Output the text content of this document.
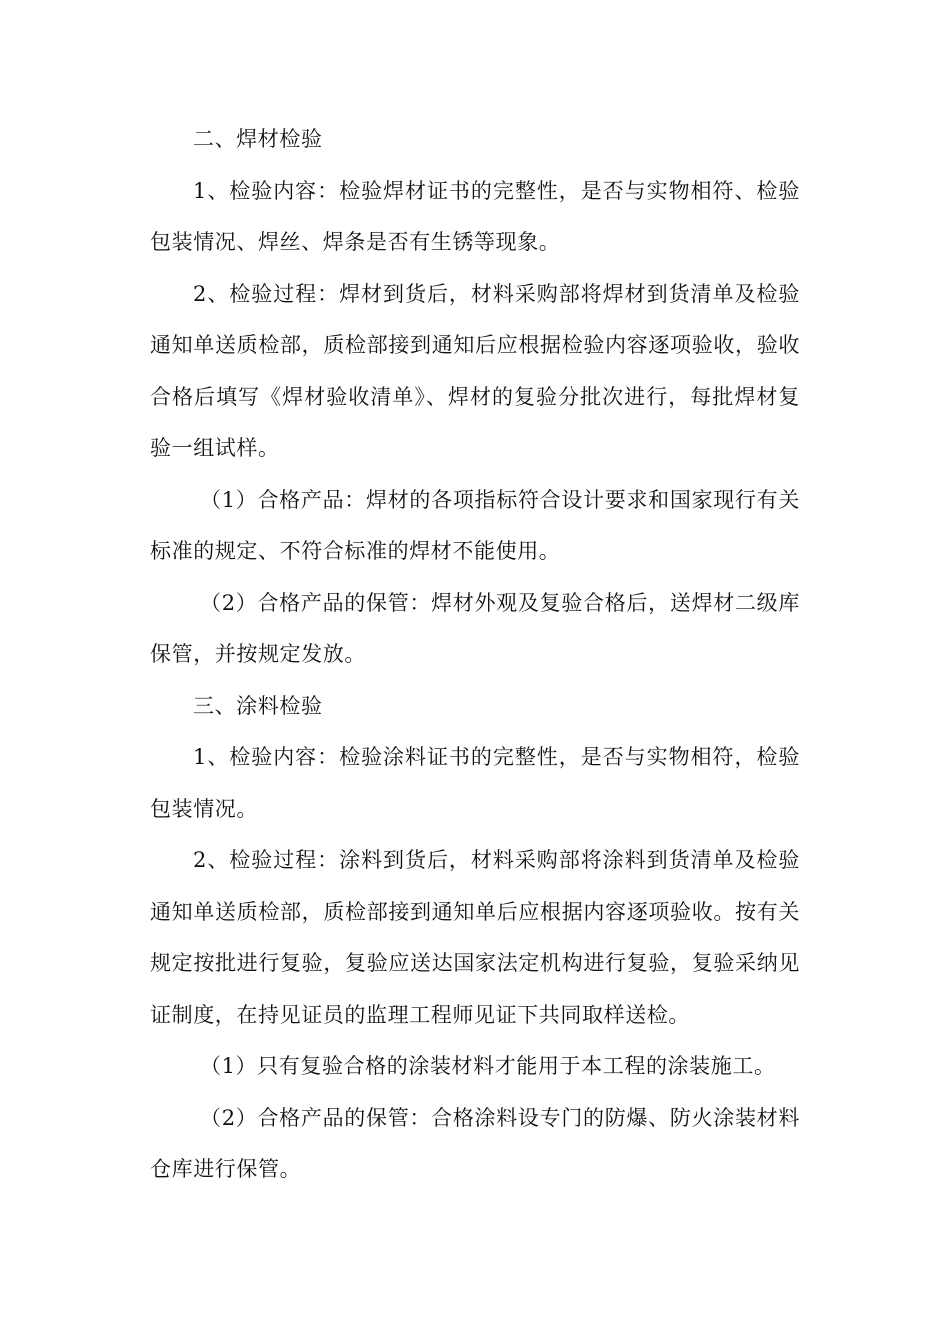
二、焊材检验

1、检验内容：检验焊材证书的完整性，是否与实物相符、检验包装情况、焊丝、焊条是否有生锈等现象。

2、检验过程：焊材到货后，材料采购部将焊材到货清单及检验通知单送质检部，质检部接到通知后应根据检验内容逐项验收，验收合格后填写《焊材验收清单》、焊材的复验分批次进行，每批焊材复验一组试样。

（1）合格产品：焊材的各项指标符合设计要求和国家现行有关标准的规定、不符合标准的焊材不能使用。

（2）合格产品的保管：焊材外观及复验合格后，送焊材二级库保管，并按规定发放。

三、涂料检验

1、检验内容：检验涂料证书的完整性，是否与实物相符，检验包装情况。

2、检验过程：涂料到货后，材料采购部将涂料到货清单及检验通知单送质检部，质检部接到通知单后应根据内容逐项验收。按有关规定按批进行复验，复验应送达国家法定机构进行复验，复验采纳见证制度，在持见证员的监理工程师见证下共同取样送检。

（1）只有复验合格的涂装材料才能用于本工程的涂装施工。

（2）合格产品的保管：合格涂料设专门的防爆、防火涂装材料仓库进行保管。
